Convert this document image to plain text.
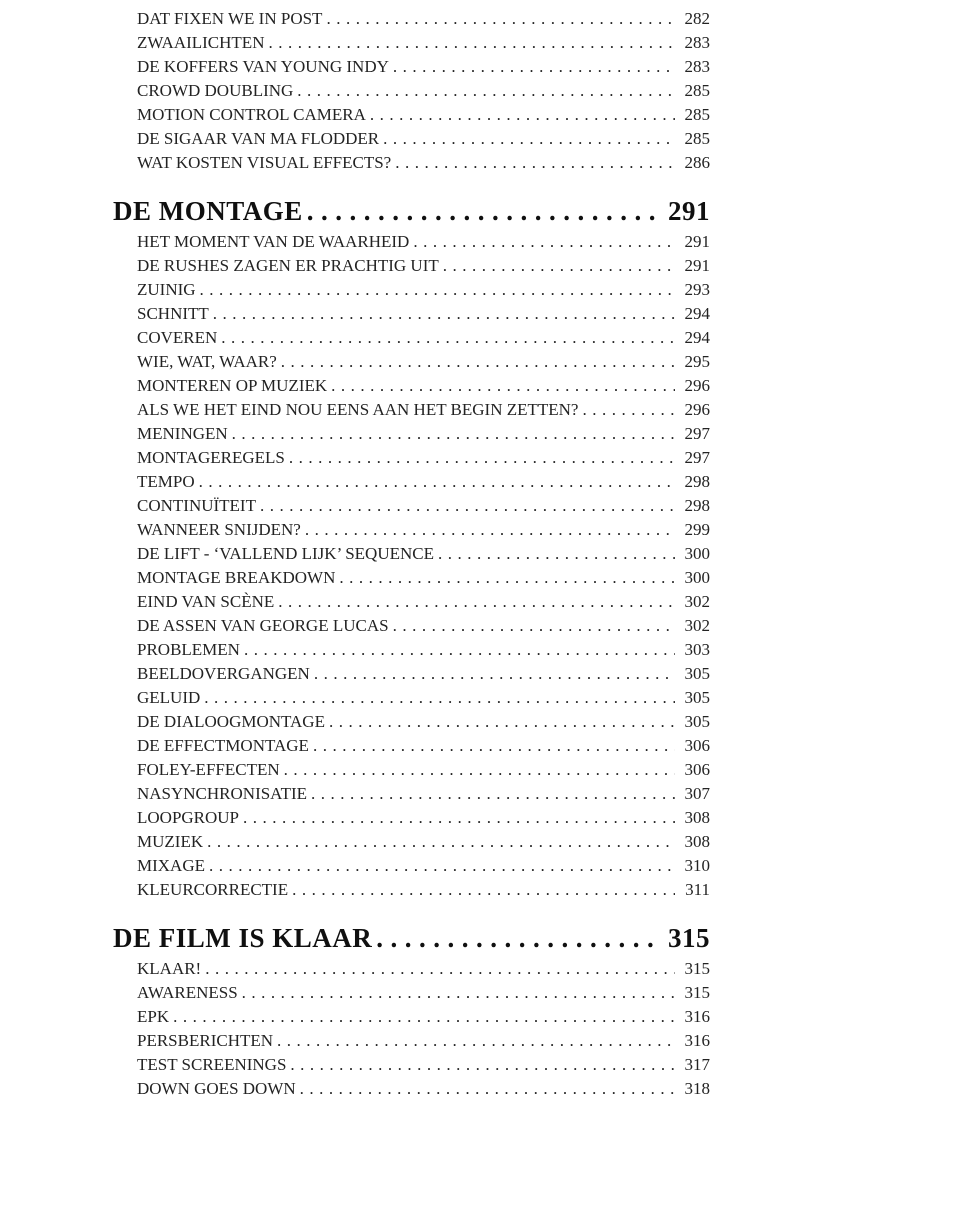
DAT FIXEN WE IN POST .....	282
ZWAAILICHTEN .....	283
DE KOFFERS VAN YOUNG INDY .....	283
CROWD DOUBLING .....	285
MOTION CONTROL CAMERA .....	285
DE SIGAAR VAN MA FLODDER .....	285
WAT KOSTEN VISUAL EFFECTS? .....	286
DE MONTAGE .....	291
HET MOMENT VAN DE WAARHEID .....	291
DE RUSHES ZAGEN ER PRACHTIG UIT .....	291
ZUINIG .....	293
SCHNITT .....	294
COVEREN .....	294
WIE, WAT, WAAR? .....	295
MONTEREN OP MUZIEK .....	296
ALS WE HET EIND NOU EENS AAN HET BEGIN ZETTEN? .....	296
MENINGEN .....	297
MONTAGEREGELS .....	297
TEMPO .....	298
CONTINUÏTEIT .....	298
WANNEER SNIJDEN? .....	299
DE LIFT - ‘VALLEND LIJK’ SEQUENCE .....	300
MONTAGE BREAKDOWN .....	300
EIND VAN SCÈNE .....	302
DE ASSEN VAN GEORGE LUCAS .....	302
PROBLEMEN .....	303
BEELDOVERGANGEN .....	305
GELUID .....	305
DE DIALOOGMONTAGE .....	305
DE EFFECTMONTAGE .....	306
FOLEY-EFFECTEN .....	306
NASYNCHRONISATIE .....	307
LOOPGROUP .....	308
MUZIEK .....	308
MIXAGE .....	310
KLEURCORRECTIE .....	311
DE FILM IS KLAAR .....	315
KLAAR! .....	315
AWARENESS .....	315
EPK .....	316
PERSBERICHTEN .....	316
TEST SCREENINGS .....	317
DOWN GOES DOWN .....	318
